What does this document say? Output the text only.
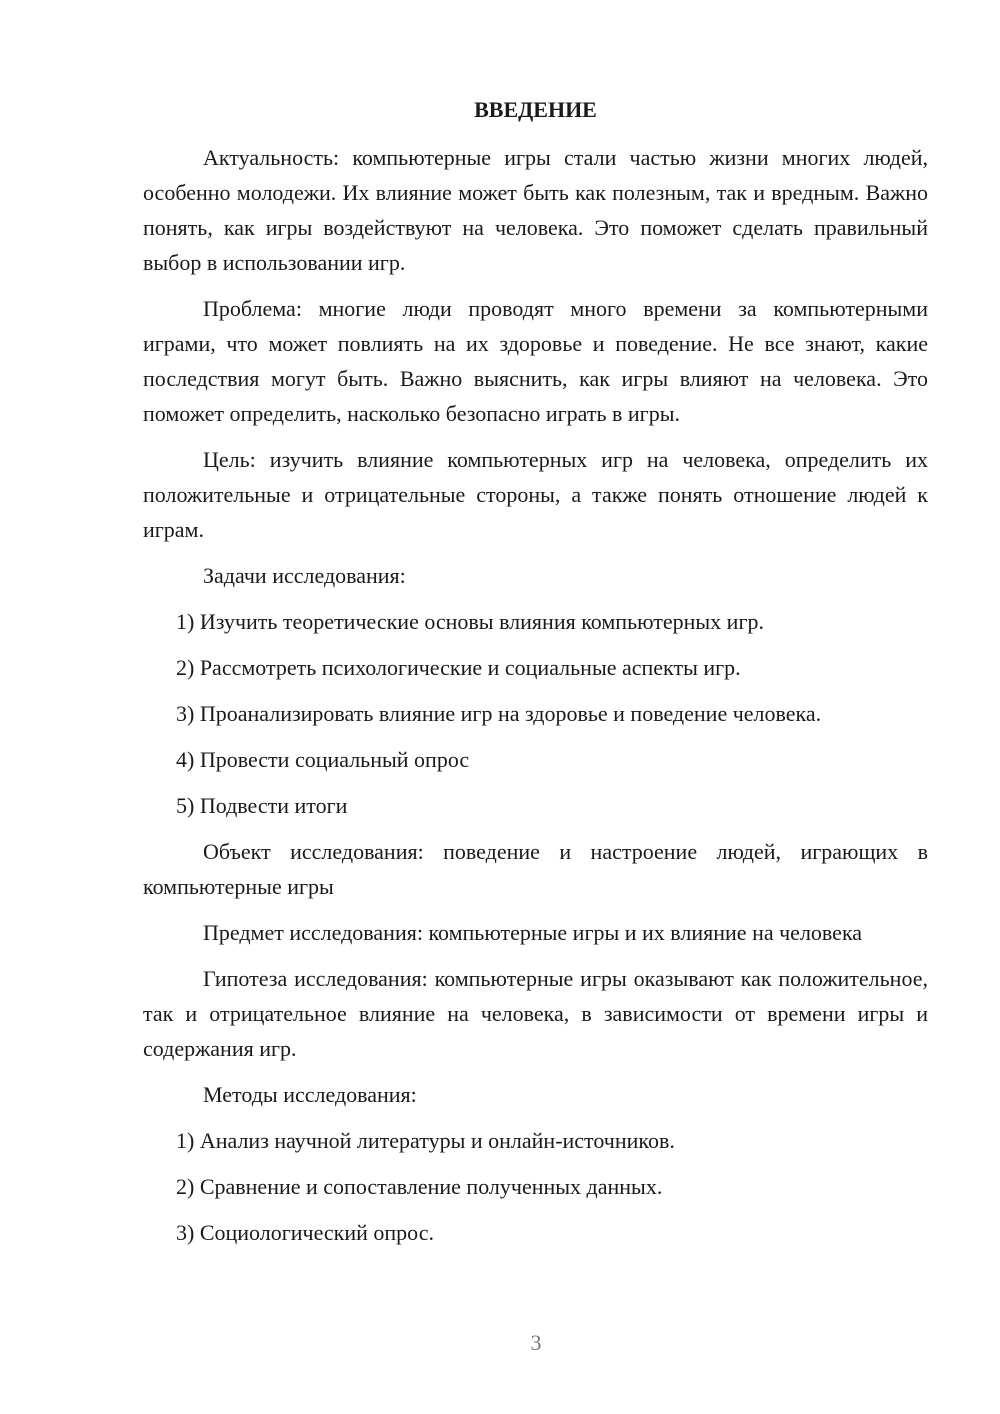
ВВЕДЕНИЕ

Актуальность: компьютерные игры стали частью жизни многих людей, особенно молодежи. Их влияние может быть как полезным, так и вредным. Важно понять, как игры воздействуют на человека. Это поможет сделать правильный выбор в использовании игр.

Проблема: многие люди проводят много времени за компьютерными играми, что может повлиять на их здоровье и поведение. Не все знают, какие последствия могут быть. Важно выяснить, как игры влияют на человека. Это поможет определить, насколько безопасно играть в игры.

Цель: изучить влияние компьютерных игр на человека, определить их положительные и отрицательные стороны, а также понять отношение людей к играм.

Задачи исследования:

1) Изучить теоретические основы влияния компьютерных игр.

2) Рассмотреть психологические и социальные аспекты игр.

3) Проанализировать влияние игр на здоровье и поведение человека.

4) Провести социальный опрос

5) Подвести итоги

Объект исследования: поведение и настроение людей, играющих в компьютерные игры

Предмет исследования: компьютерные игры и их влияние на человека

Гипотеза исследования: компьютерные игры оказывают как положительное, так и отрицательное влияние на человека, в зависимости от времени игры и содержания игр.

Методы исследования:

1) Анализ научной литературы и онлайн-источников.

2) Сравнение и сопоставление полученных данных.

3) Социологический опрос.

3
